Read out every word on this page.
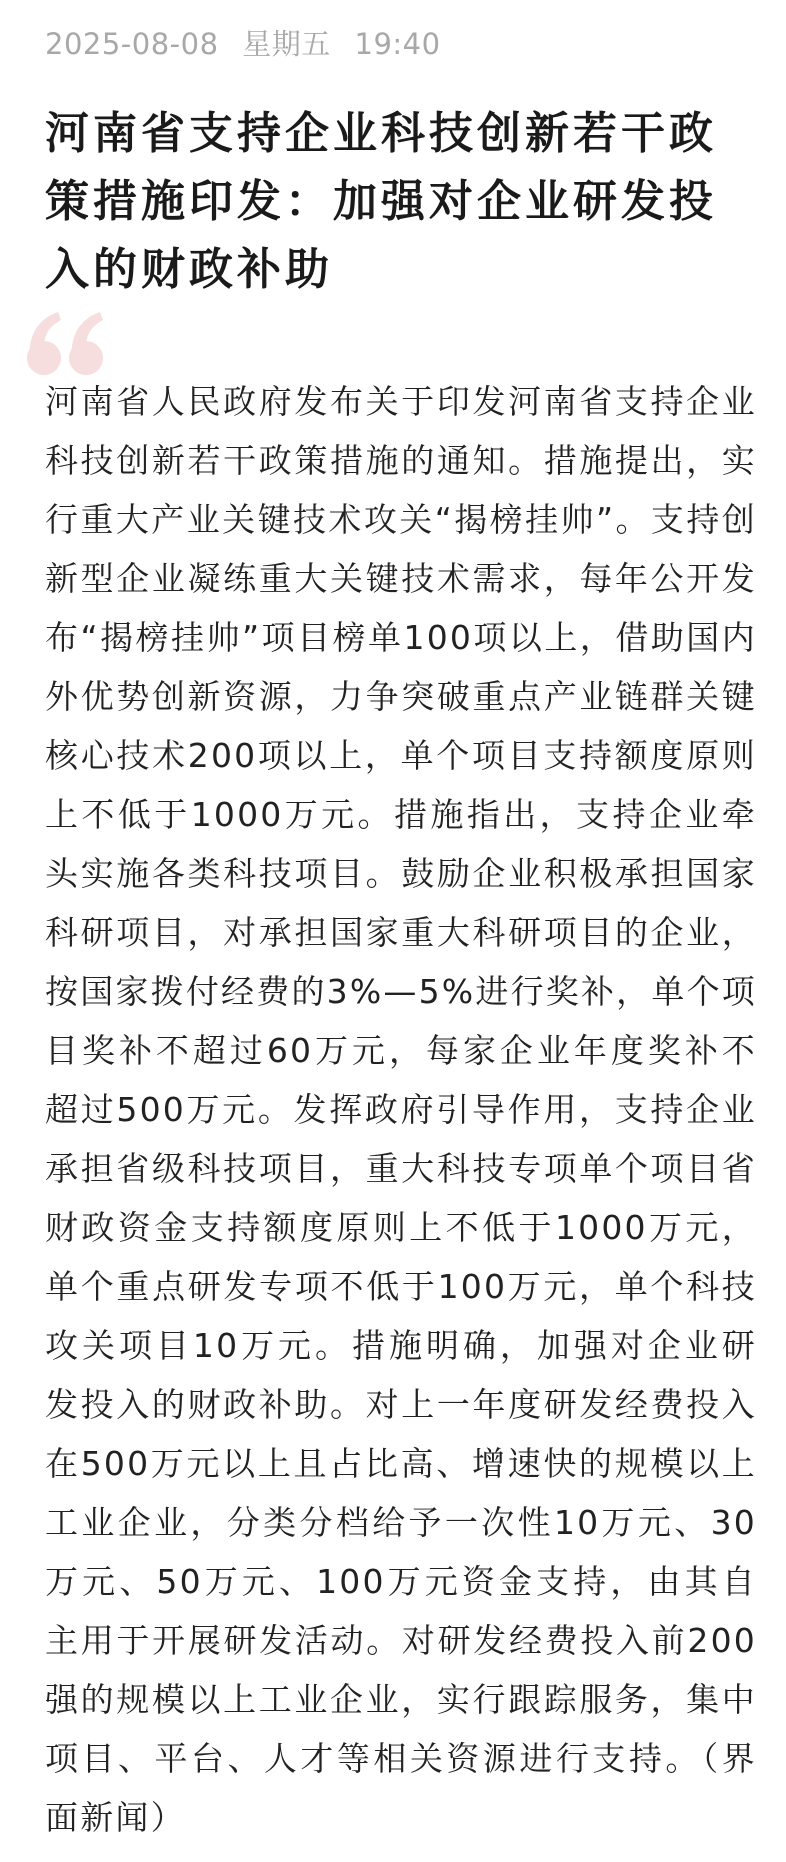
2025-08-08 星期五 19:40
河南省支持企业科技创新若干政策措施印发：加强对企业研发投入的财政补助

河南省人民政府发布关于印发河南省支持企业科技创新若干政策措施的通知。措施提出，实行重大产业关键技术攻关“揭榜挂帅”。支持创新型企业凝练重大关键技术需求，每年公开发布“揭榜挂帅”项目榜单100项以上，借助国内外优势创新资源，力争突破重点产业链群关键核心技术200项以上，单个项目支持额度原则上不低于1000万元。措施指出，支持企业牵头实施各类科技项目。鼓励企业积极承担国家科研项目，对承担国家重大科研项目的企业，按国家拨付经费的3%—5%进行奖补，单个项目奖补不超过60万元，每家企业年度奖补不超过500万元。发挥政府引导作用，支持企业承担省级科技项目，重大科技专项单个项目省财政资金支持额度原则上不低于1000万元，单个重点研发专项不低于100万元，单个科技攻关项目10万元。措施明确，加强对企业研发投入的财政补助。对上一年度研发经费投入在500万元以上且占比高、增速快的规模以上工业企业，分类分档给予一次性10万元、30万元、50万元、100万元资金支持，由其自主用于开展研发活动。对研发经费投入前200强的规模以上工业企业，实行跟踪服务，集中项目、平台、人才等相关资源进行支持。（界面新闻）
